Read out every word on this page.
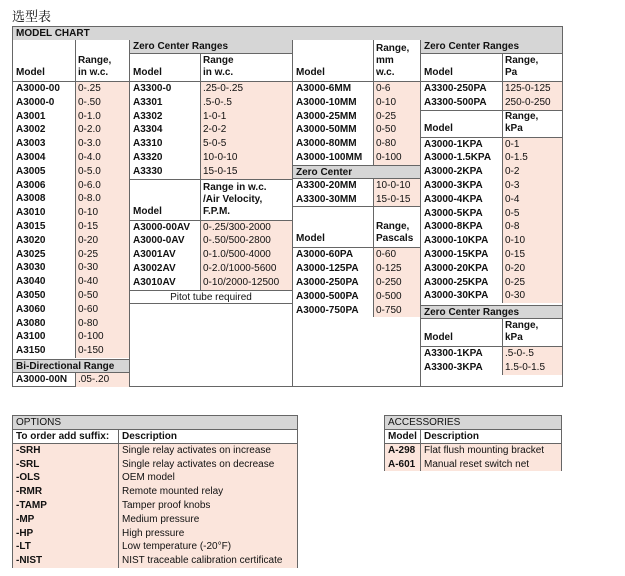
选型表
MODEL CHART
Model
Range,
in w.c.
A3000-00 0-.25
A3000-0 0-.50
A3001	0-1.0
A3002	0-2.0
A3003	0-3.0
A3004	0-4.0
A3005	0-5.0
A3006	0-6.0
A3008	0-8.0
A3010	0-10
A3015	0-15
A3020	0-20
A3025	0-25
A3030	0-30
A3040	0-40
A3050	0-50
A3060	0-60
A3080	0-80
A3100	0-100
A3150	0-150
Bi-Directional Range
A3000-00N .05-.20
Zero Center Ranges
Model
Range
in w.c.
A3300-0	.25-0-.25
A3301	.5-0-.5
A3302	1-0-1
A3304	2-0-2
A3310	5-0-5
A3320	10-0-10
A3330	15-0-15
Model
Range in w.c.
/Air Velocity,
F.P.M.
A3000-00AV 0-.25/300-2000
A3000-0AV 0-.50/500-2800
A3001AV	0-1.0/500-4000
A3002AV	0-2.0/1000-5600
A3010AV	0-10/2000-12500
Pitot tube required
Model
Range,
mm
w.c.
A3000-6MM 0-6
A3000-10MM 0-10
A3000-25MM 0-25
A3000-50MM 0-50
A3000-80MM 0-80
A3000-100MM 0-100
Zero Center
A3300-20MM 10-0-10
A3300-30MM 15-0-15
Model
Range,
Pascals
A3000-60PA 0-60
A3000-125PA 0-125
A3000-250PA 0-250
A3000-500PA 0-500
A3000-750PA 0-750
Zero Center Ranges
Model
Range,
Pa
A3300-250PA 125-0-125
A3300-500PA 250-0-250
Model
Range,
kPa
A3000-1KPA 0-1
A3000-1.5KPA 0-1.5
A3000-2KPA 0-2
A3000-3KPA 0-3
A3000-4KPA 0-4
A3000-5KPA 0-5
A3000-8KPA 0-8
A3000-10KPA 0-10
A3000-15KPA 0-15
A3000-20KPA 0-20
A3000-25KPA 0-25
A3000-30KPA 0-30
Zero Center Ranges
Model
Range,
kPa
A3300-1KPA .5-0-.5
A3300-3KPA 1.5-0-1.5
OPTIONS	
To order add suffix:	Description
-SRH	Single relay activates on increase
-SRL	Single relay activates on decrease
-OLS	OEM model
-RMR	Remote mounted relay
-TAMP	Tamper proof knobs
-MP	Medium pressure
-HP	High pressure
-LT	Low temperature (-20°F)
-NIST	NIST traceable calibration certificate
ACCESSORIES	
Model	Description
A-298	Flat flush mounting bracket
A-601	Manual reset switch net
